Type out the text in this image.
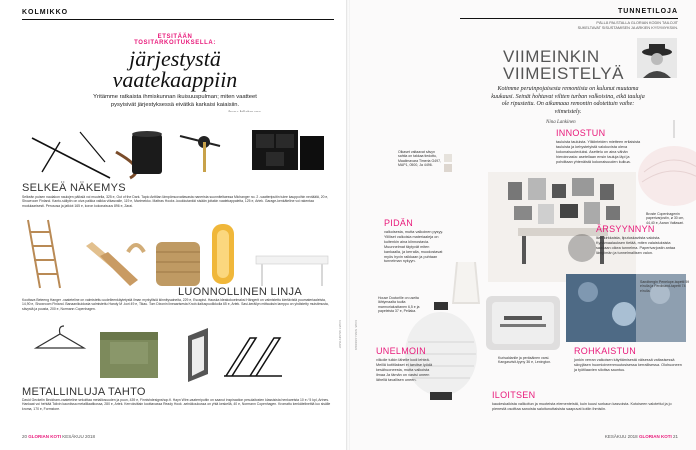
KOLMIKKO
ETSITÄÄN
TOSITARKOITUKSELLA:
järjestystä
vaatekaappiin
Yritämme ratkaista ihmiskunnan ikuisuuspulman; miten vaatteet
pysyisivät järjestyksessä eivätkä karkaisi kaiaisiin.
SELKEÄ NÄKEMYS
Selkeän puisen naulakon naulojen päiksiä voi muutella, 325 e, Out of the Dark. Tapio Anttilan lämpömuovattavasta nanerista suunniteltaessa Michanger no. 2 -vaatteripuitin tulee kauppoihin neviäälä, 20 e, Showroom Finland. Kanto-säilytin on oiva paikka valkka viikasvalle, 119 e, Marimekko. Mattras Hooks -koukkutankki sisään joitakin vaatekappaleita, 125 e, Artek. Garage-kenkäteline voi rakentaa modulaarisesti. Perusosa ja jatkiot 165 e, koron kokonaisuus 896 e, Zarai.
LUONNOLLINEN LINJA
Koottava Beteeng Hanger -vaateteline on valmistettu uudelleenkäytetystä ilman myrkyllisiä kiinnitysaineita, 229 e, Escapist. Hauska ideakokoelmaksi Hängerit on valmistettu kiertävistä puumateriaaleista, 14,90 e, Showroom Finland. Banaanikuidusta valmistettu Handy M -kori 49 e, Tikau. Tom Dixonin lineaarisesta Knob-tiailuspuolikkolla 65 e, Artek. Sasi-keräilyn mittauksin lamppu on yhdistetty muistimusta, sävystä ja puusta, 200 e, Normann Copenhagen.
METALLINLUJA TAHTO
David Geckelin Beckham-vaateteline sekoittaa metalliosuuden ja puun, 439 e, Finnishdesignshop.fi. Hayn Wire-vaaterripuitin on saanut inspiraation pesulaitosten klassisista henkareista 10 e / 5 kpl, Artnes. Hankaat voi hehtää Tolixin kauniissa metallilaatikossa, 280 e, Artek. Kerroksittain koottavassa Ready Hook -seinäkoukussa on yhtä keskellä, 40 e, Normann Copenhagen. Kromattu kenkätelineittä luo sisälle kroma, 170 e, Formstore.
KUVAT: VALMISTAJAT
20 GLORIAN KOTI KESÄKUU 2018
TUNNETILOJA
PÄLLÄ PALSTALLA GLORIAN KODIN TAILOJIT
SUKELTAVAT SISUSTAMISEN JA ARKIEN KYSYMYKSIIN.
VIIMEINKIN
VIIMEISTELYÄ
Kotimme peruinpojaisesta remontista on kulunut muutama kuukausi. Seinät hohtavat viltten turban valkoisina, eikä tauluja ole ripustettu. On aikamaaa remontin odotettuin vaihe: viimeistely.
Nina Lankinen
INNOSTUN
tauluista tauluista. Ylikiinteiden mietteen erilaisista tauluista ja kehystetyistä valokuvista oleva kokonaisuuteduksi. Asettelu on aina vähän hieroinnasta: asetellaan ensin tauluja läpi ja pohditaan yhtenäistä kokonaisuuden kulkua.
Olkaset valtaavat sävyn sahtia on takkaa tiedottu, Maailmavara Timeria G497, MAP1, 0500, Ja 4496.
PIDÄN
valkoisesta, mutta valkoinen pysyy. Ylilliset valkoisia materiaaleja on kuitenkin aina kiinnostavia. Muunnelmat täytyvät miten kankaalla, ja kerralla, muodostavat myös hyvin raikkaan ja puhtaan tunnelman nykyyn.
House Doctorille on useita lähtymaalta tuulta marmorialusttanen 6,5 e ja papeleista 37 e, Pellaka.
ÄRSYYNNYN
liian kirkkaista, liputuskaviista valoista. Kynämaalauksen tietää, miten valaistuksista saadaan oikea tunnelma. Paperivarjostin antaa lämpimän ja tunnelmallisen valon.
Broste Copenhagenin paperivarjostin, ø 30 cm, 44,40 e, Aaran Valtasari.
Kurisaldanlle ja peräsäinen varsi. Kangasvisit-tyyny 36 e, Lexington.
Sandbergin Penelope-tapetti 59 e/rulla ja Ferdinand-tapetti 74 e/rulla.
UNELMOIN
vilkolle tuikin lähelle kodi lehteä. Meillä kotitilakset ei tarvitse lyödä kesähuoneesta, mutta valkoista ilmaa Ja tämän on vastsi uneen lähellä tavallisen uneen.
ROHKAISTUN
jonkin verran valkoisen käyttämisestä väisessä valtasisessä sävyjäsen huomioineenmuutosisessa kerrallisessa. Olohuoneen ja työtilaavien siloitsa sauntuu.
ILOITSEN
kaudeskaikista valikoitun ja muoteista elementeistä, kuin kuusi sorkaun kasvoista. Kotoiseen valotettui ja jo pienestä osoittaa sanoista saloitunuttaisista saapuvat kotiin ihmisiin.
KESÄKUU 2018 GLORIAN KOTI 21
KUVA: NINA LANKINEN
